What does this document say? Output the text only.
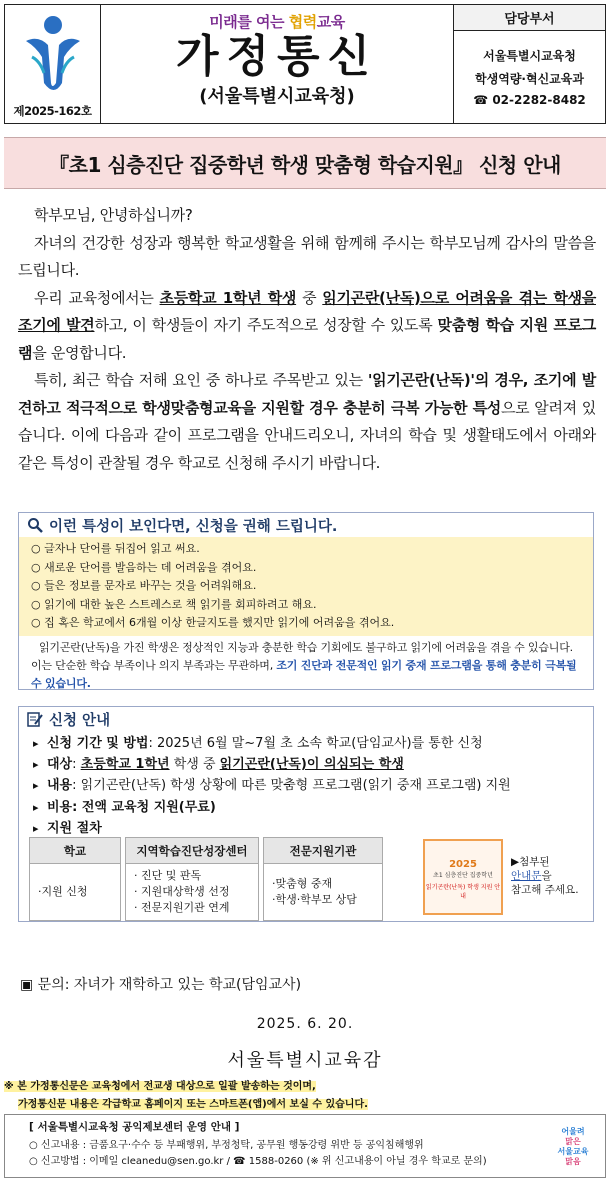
제2025-162호
미래를 여는 협력교육
가정통신
(서울특별시교육청)
담당부서
서울특별시교육청
학생역량·혁신교육과
☎ 02-2282-8482
『초1 심층진단 집중학년 학생 맞춤형 학습지원』 신청 안내

학부모님, 안녕하십니까?

자녀의 건강한 성장과 행복한 학교생활을 위해 함께해 주시는 학부모님께 감사의 말씀을 드립니다.

우리 교육청에서는 초등학교 1학년 학생 중 읽기곤란(난독)으로 어려움을 겪는 학생을 조기에 발견하고, 이 학생들이 자기 주도적으로 성장할 수 있도록 맞춤형 학습 지원 프로그램을 운영합니다.

특히, 최근 학습 저해 요인 중 하나로 주목받고 있는 '읽기곤란(난독)'의 경우, 조기에 발견하고 적극적으로 학생맞춤형교육을 지원할 경우 충분히 극복 가능한 특성으로 알려져 있습니다. 이에 다음과 같이 프로그램을 안내드리오니, 자녀의 학습 및 생활태도에서 아래와 같은 특성이 관찰될 경우 학교로 신청해 주시기 바랍니다.

이런 특성이 보인다면, 신청을 권해 드립니다.
○ 글자나 단어를 뒤집어 읽고 써요.
○ 새로운 단어를 발음하는 데 어려움을 겪어요.
○ 들은 정보를 문자로 바꾸는 것을 어려워해요.
○ 읽기에 대한 높은 스트레스로 책 읽기를 회피하려고 해요.
○ 집 혹은 학교에서 6개월 이상 한글지도를 했지만 읽기에 어려움을 겪어요.
읽기곤란(난독)을 가진 학생은 정상적인 지능과 충분한 학습 기회에도 불구하고 읽기에 어려움을 겪을 수 있습니다. 이는 단순한 학습 부족이나 의지 부족과는 무관하며, 조기 진단과 전문적인 읽기 중재 프로그램을 통해 충분히 극복될 수 있습니다.
신청 안내
▸ 신청 기간 및 방법: 2025년 6월 말~7월 초 소속 학교(담임교사)를 통한 신청
▸ 대상: 초등학교 1학년 학생 중 읽기곤란(난독)이 의심되는 학생
▸ 내용: 읽기곤란(난독) 학생 상황에 따른 맞춤형 프로그램(읽기 중재 프로그램) 지원
▸ 비용: 전액 교육청 지원(무료)
▸ 지원 절차
학교
·지원 신청
지역학습진단성장센터
· 진단 및 판독
· 지원대상학생 선정
· 전문지원기관 연계
전문지원기관
·맞춤형 중재
·학생·학부모 상담
2025
초1 심층진단 집중학년
읽기곤란(난독) 학생 지원 안내
▶첨부된
안내문을
참고해 주세요.
▣ 문의: 자녀가 재학하고 있는 학교(담임교사)
2025. 6. 20.
서울특별시교육감
※ 본 가정통신문은 교육청에서 전교생 대상으로 일괄 발송하는 것이며,
가정통신문 내용은 각급학교 홈페이지 또는 스마트폰(앱)에서 보실 수 있습니다.
[ 서울특별시교육청 공익제보센터 운영 안내 ]
○ 신고내용 : 금품요구·수수 등 부패행위, 부정청탁, 공무원 행동강령 위반 등 공익침해행위
○ 신고방법 : 이메일 cleanedu@sen.go.kr / ☎ 1588-0260 (※ 위 신고내용이 아닐 경우 학교로 문의)
어울려
맑은
서울교육
맑음
